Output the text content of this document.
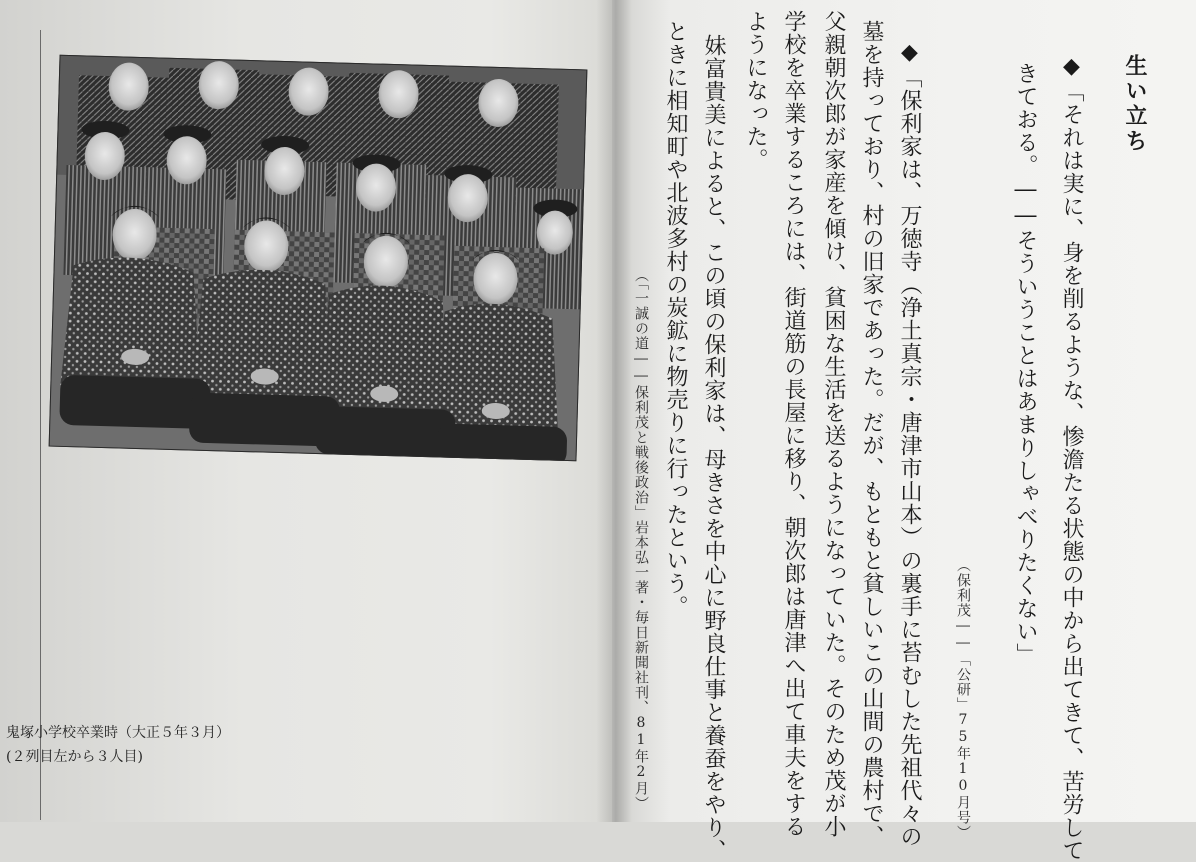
鬼塚小学校卒業時（大正５年３月）
(２列目左から３人目)
生い立ち
◆「それは実に、身を削るような、惨澹たる状態の中から出てきて、苦労して
きておる。――そういうことはあまりしゃべりたくない」
（保利茂――「公研」75年10月号）
◆「保利家は、万徳寺（浄土真宗・唐津市山本）の裏手に苔むした先祖代々の
墓を持っており、村の旧家であった。だが、もともと貧しいこの山間の農村で、
父親朝次郎が家産を傾け、貧困な生活を送るようになっていた。そのため茂が小
学校を卒業するころには、街道筋の長屋に移り、朝次郎は唐津へ出て車夫をする
ようになった。
妹富貴美によると、この頃の保利家は、母きさを中心に野良仕事と養蚕をやり、
ときに相知町や北波多村の炭鉱に物売りに行ったという。
（「一誠の道――保利茂と戦後政治」岩本弘一著・毎日新聞社刊、81年2月）
